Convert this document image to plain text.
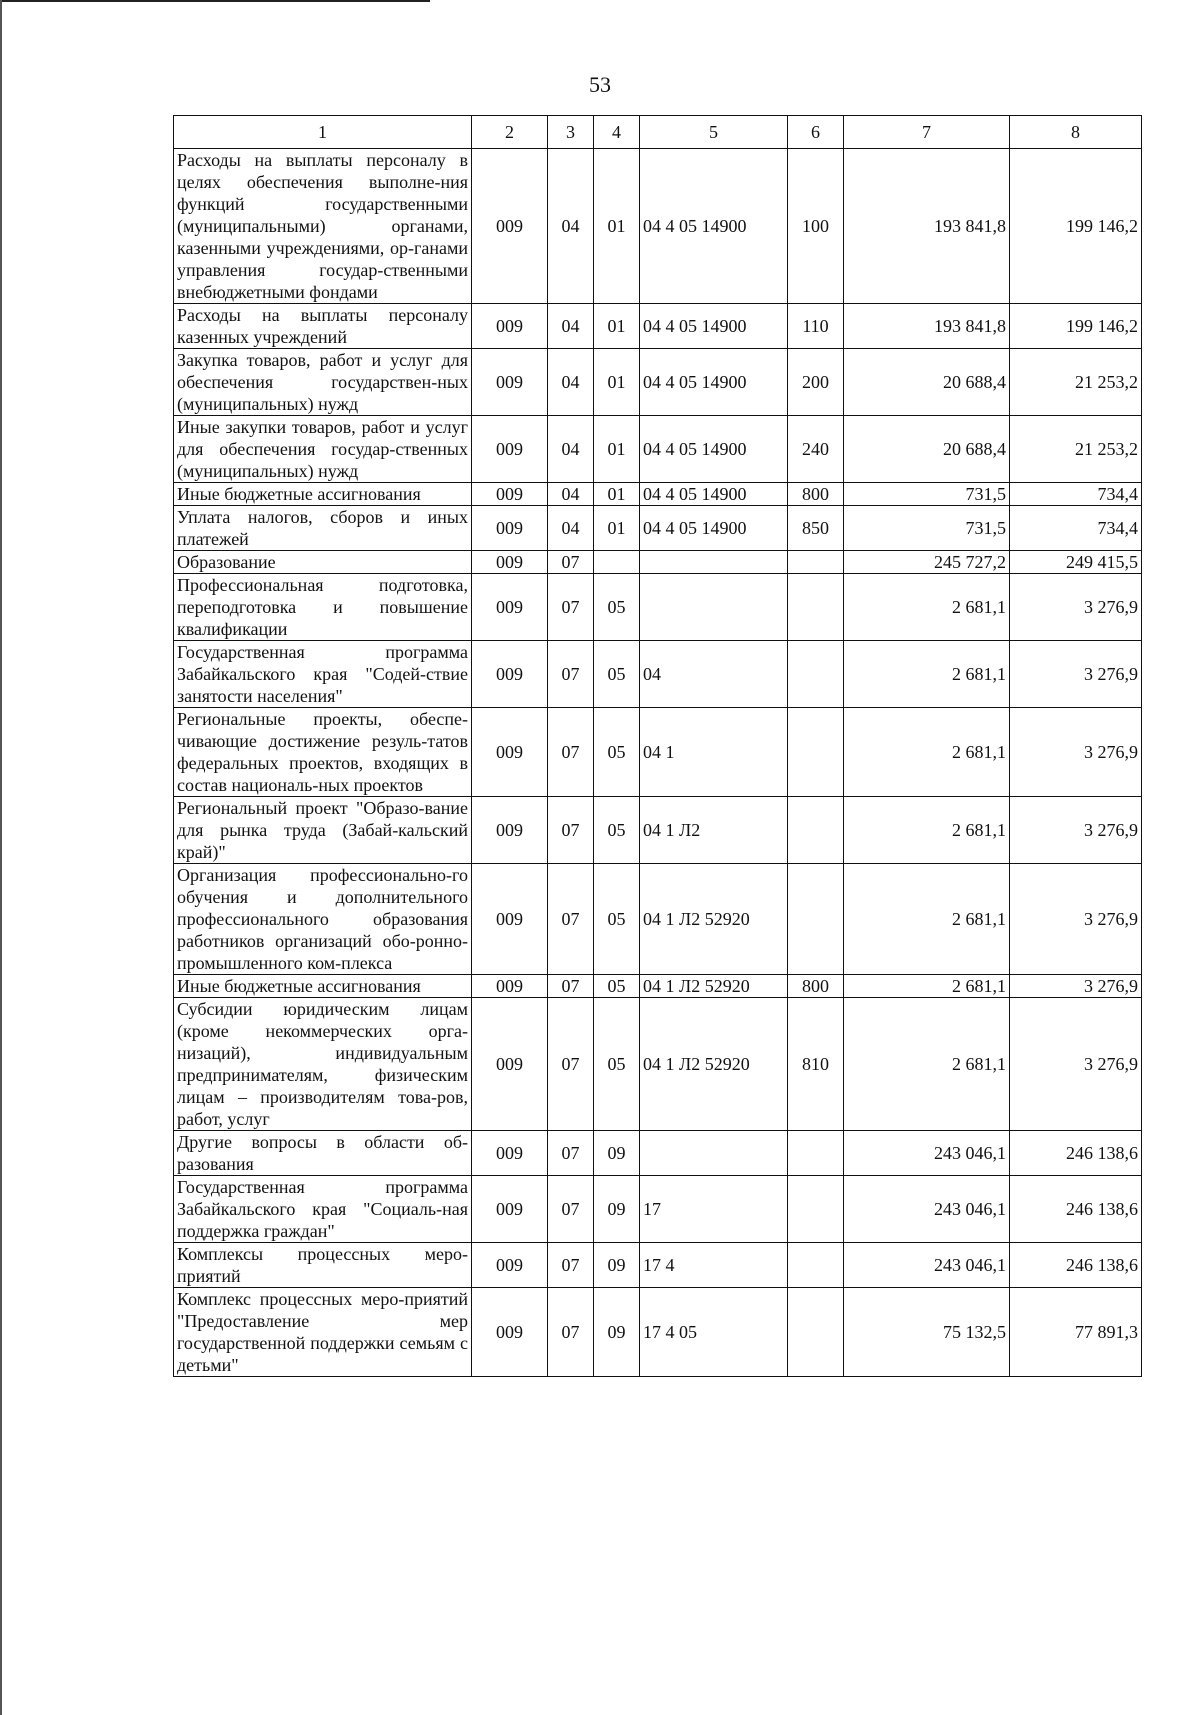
53
1	2	3	4	5	6	7	8
Расходы на выплаты персоналу в целях обеспечения выполне-ния функций государственными (муниципальными) органами, казенными учреждениями, ор-ганами управления государ-ственными внебюджетными фондами	009	04	01	04 4 05 14900	100	193 841,8	199 146,2
Расходы на выплаты персоналу казенных учреждений	009	04	01	04 4 05 14900	110	193 841,8	199 146,2
Закупка товаров, работ и услуг для обеспечения государствен-ных (муниципальных) нужд	009	04	01	04 4 05 14900	200	20 688,4	21 253,2
Иные закупки товаров, работ и услуг для обеспечения государ-ственных (муниципальных) нужд	009	04	01	04 4 05 14900	240	20 688,4	21 253,2
Иные бюджетные ассигнования	009	04	01	04 4 05 14900	800	731,5	734,4
Уплата налогов, сборов и иных платежей	009	04	01	04 4 05 14900	850	731,5	734,4
Образование	009	07				245 727,2	249 415,5
Профессиональная подготовка, переподготовка и повышение квалификации	009	07	05			2 681,1	3 276,9
Государственная программа Забайкальского края "Содей-ствие занятости населения"	009	07	05	04		2 681,1	3 276,9
Региональные проекты, обеспе-чивающие достижение резуль-татов федеральных проектов, входящих в состав националь-ных проектов	009	07	05	04 1		2 681,1	3 276,9
Региональный проект "Образо-вание для рынка труда (Забай-кальский край)"	009	07	05	04 1 Л2		2 681,1	3 276,9
Организация профессионально-го обучения и дополнительного профессионального образования работников организаций обо-ронно-промышленного ком-плекса	009	07	05	04 1 Л2 52920		2 681,1	3 276,9
Иные бюджетные ассигнования	009	07	05	04 1 Л2 52920	800	2 681,1	3 276,9
Субсидии юридическим лицам (кроме некоммерческих орга-низаций), индивидуальным предпринимателям, физическим лицам – производителям това-ров, работ, услуг	009	07	05	04 1 Л2 52920	810	2 681,1	3 276,9
Другие вопросы в области об-разования	009	07	09			243 046,1	246 138,6
Государственная программа Забайкальского края "Социаль-ная поддержка граждан"	009	07	09	17		243 046,1	246 138,6
Комплексы процессных меро-приятий	009	07	09	17 4		243 046,1	246 138,6
Комплекс процессных меро-приятий "Предоставление мер государственной поддержки семьям с детьми"	009	07	09	17 4 05		75 132,5	77 891,3
